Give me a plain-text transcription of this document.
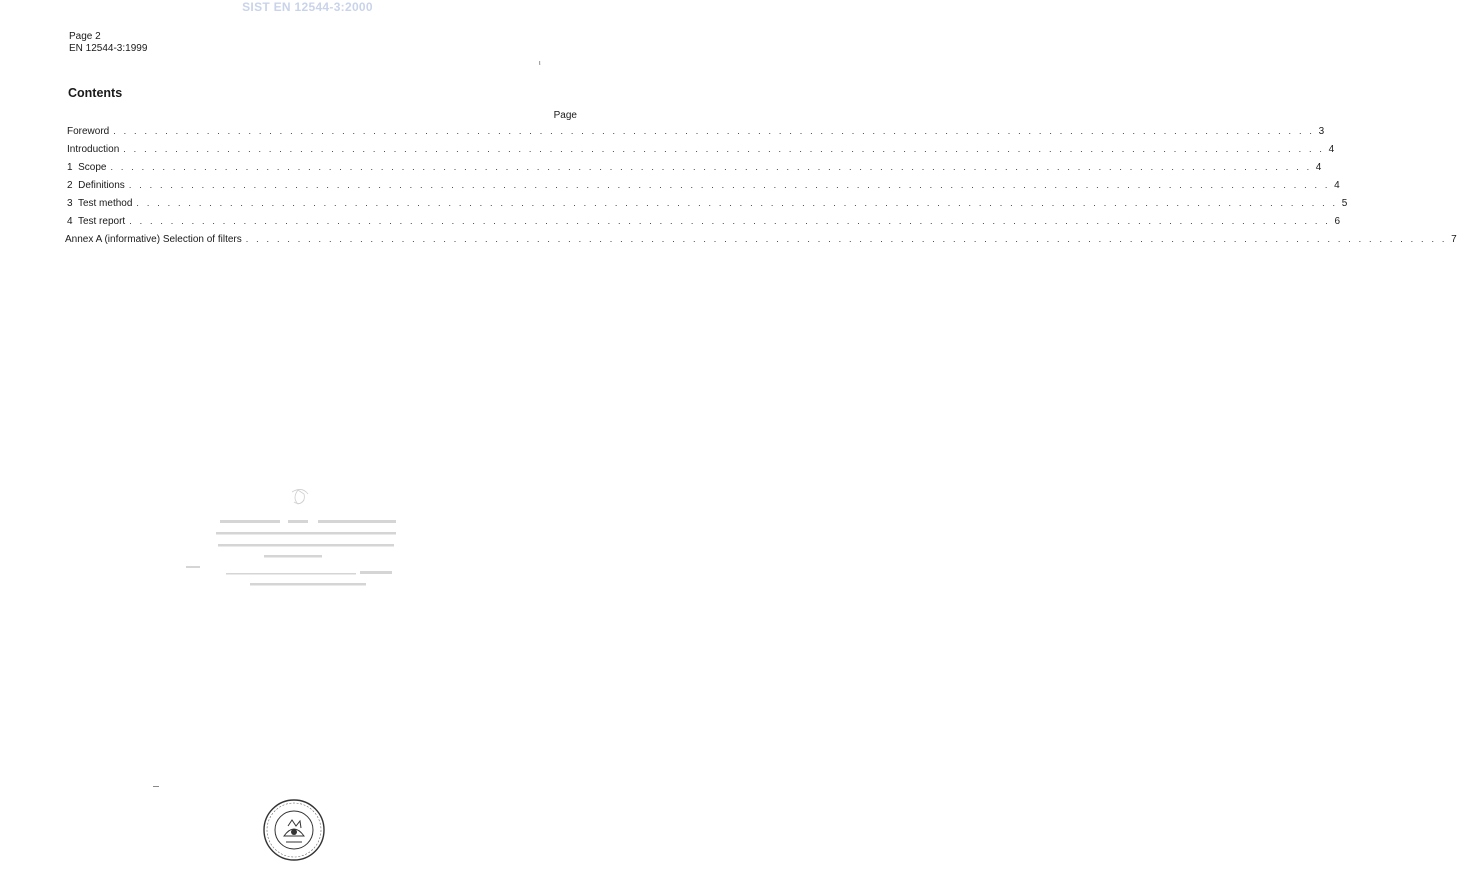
SIST EN 12544-3:2000
Page 2
EN 12544-3:1999
ι
Contents
Page
Foreword . . . . . . . . . . . . . . . . . . . . . . . . . . . . . . . . . . . . . . . . . . . . . . . . . . . . . . . . . . . . . . . . . . . . . . . . . . . . . . . . . . . . . . . . . . . . . . . . . . . . . . . . . . . . . . . . . . . . 3
Introduction . . . . . . . . . . . . . . . . . . . . . . . . . . . . . . . . . . . . . . . . . . . . . . . . . . . . . . . . . . . . . . . . . . . . . . . . . . . . . . . . . . . . . . . . . . . . . . . . . . . . . . . . . . . . . . . . . . . . 4
1  Scope . . . . . . . . . . . . . . . . . . . . . . . . . . . . . . . . . . . . . . . . . . . . . . . . . . . . . . . . . . . . . . . . . . . . . . . . . . . . . . . . . . . . . . . . . . . . . . . . . . . . . . . . . . . . . . . . . . . . 4
2  Definitions . . . . . . . . . . . . . . . . . . . . . . . . . . . . . . . . . . . . . . . . . . . . . . . . . . . . . . . . . . . . . . . . . . . . . . . . . . . . . . . . . . . . . . . . . . . . . . . . . . . . . . . . . . . . . . . . . . . . 4
3  Test method . . . . . . . . . . . . . . . . . . . . . . . . . . . . . . . . . . . . . . . . . . . . . . . . . . . . . . . . . . . . . . . . . . . . . . . . . . . . . . . . . . . . . . . . . . . . . . . . . . . . . . . . . . . . . . . . . . . . 5
4  Test report . . . . . . . . . . . . . . . . . . . . . . . . . . . . . . . . . . . . . . . . . . . . . . . . . . . . . . . . . . . . . . . . . . . . . . . . . . . . . . . . . . . . . . . . . . . . . . . . . . . . . . . . . . . . . . . . . . . . 6
Annex A (informative) Selection of filters . . . . . . . . . . . . . . . . . . . . . . . . . . . . . . . . . . . . . . . . . . . . . . . . . . . . . . . . . . . . . . . . . . . . . . . . . . . . . . . . . . . . . . . . . . . . . . . . . . . . . . . . . . . . . . . . . . . . 7
